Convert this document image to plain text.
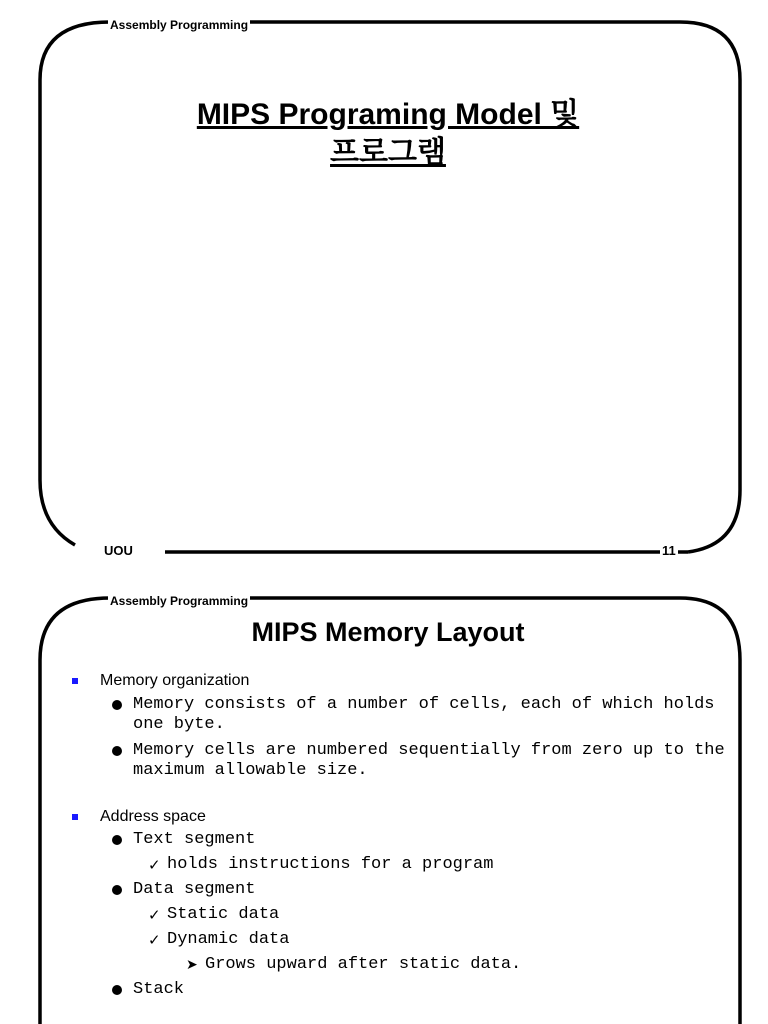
Assembly Programming
MIPS Programing Model 및
프로그램
UOU	11
Assembly Programming
MIPS Memory Layout
Memory organization
Memory consists of a number of cells, each of which holds one byte.
Memory cells are numbered sequentially from zero up to the maximum allowable size.
Address space
Text segment
✓ holds instructions for a program
Data segment
✓ Static data
✓ Dynamic data
➤ Grows upward after static data.
Stack
